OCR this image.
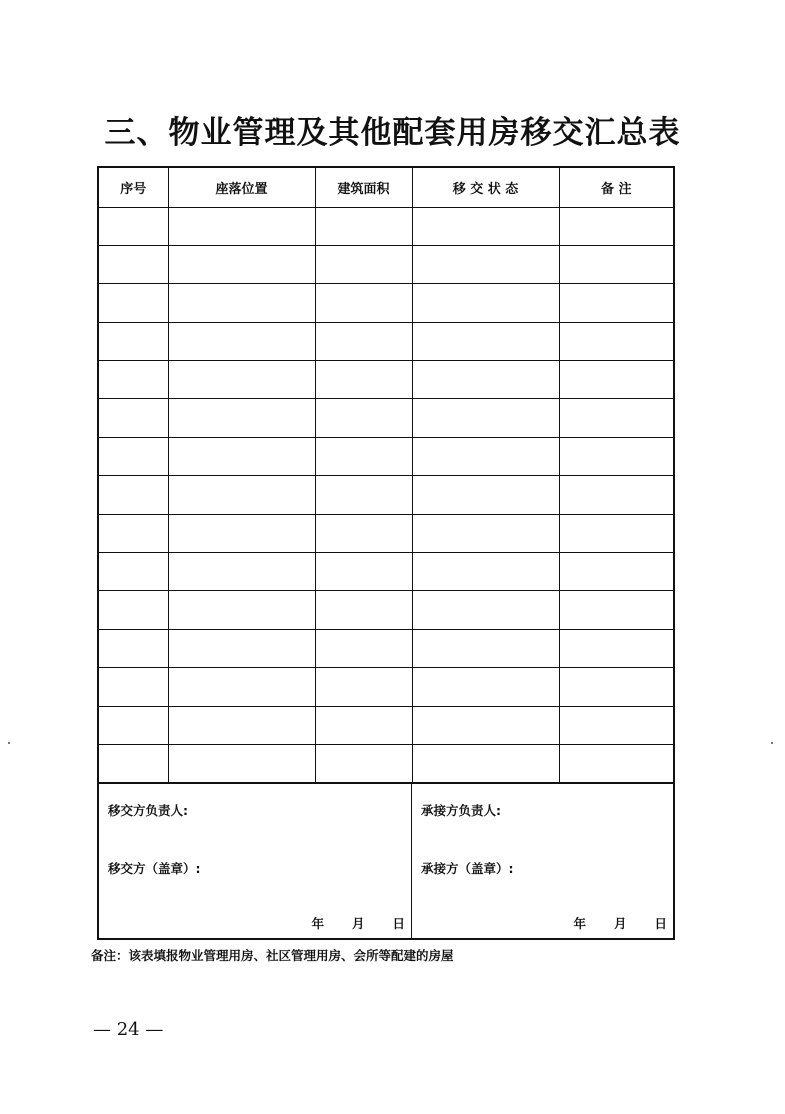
三、物业管理及其他配套用房移交汇总表
序号	座落位置	建筑面积	移 交 状 态	备 注

移交方负责人:
移交方（盖章）:
年 月 日
承接方负责人:
承接方（盖章）:
年 月 日
备注：该表填报物业管理用房、社区管理用房、会所等配建的房屋
— 24 —
